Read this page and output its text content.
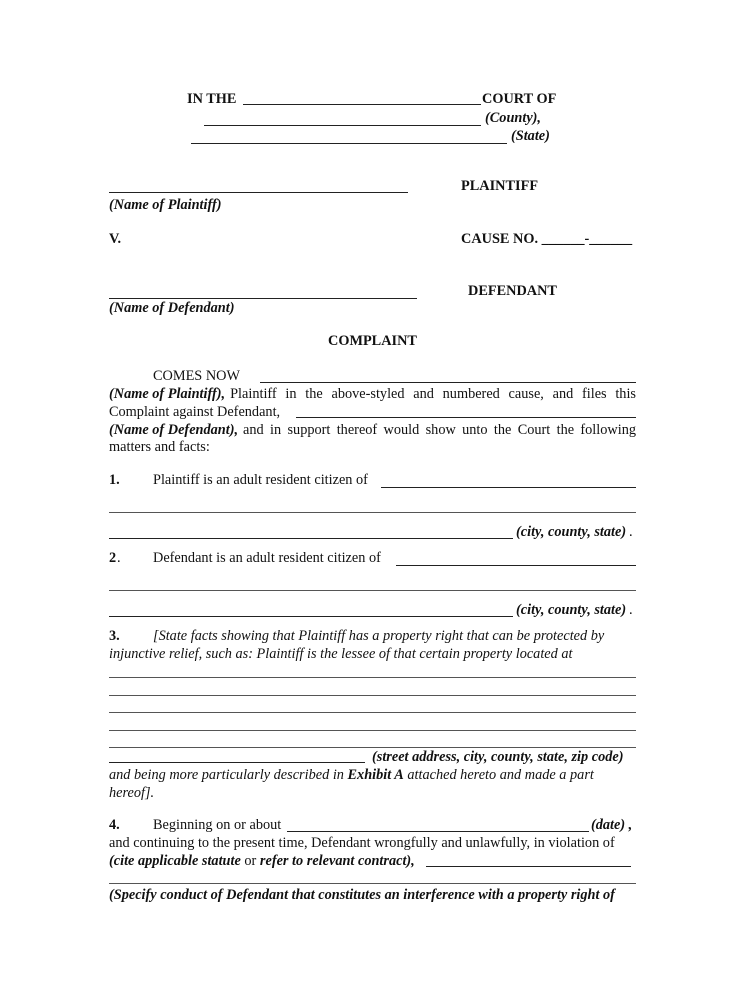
IN THE	COURT OF
(County),
(State)
PLAINTIFF
(Name of Plaintiff)
V.	CAUSE NO. ______-______
DEFENDANT
(Name of Defendant)
COMPLAINT
COMES NOW
(Name of Plaintiff), Plaintiff in the above-styled and numbered cause, and files this
Complaint against Defendant,
(Name of Defendant), and in support thereof would show unto the Court the following
matters and facts:
1. Plaintiff is an adult resident citizen of
(city, county, state) .
2 . Defendant is an adult resident citizen of
(city, county, state) .
3. [State facts showing that Plaintiff has a property right that can be protected by
injunctive relief, such as: Plaintiff is the lessee of that certain property located at
(street address, city, county, state, zip code)
and being more particularly described in Exhibit A attached hereto and made a part
hereof].
4. Beginning on or about	(date) ,
and continuing to the present time, Defendant wrongfully and unlawfully, in violation of
(cite applicable statute or refer to relevant contract),
(Specify conduct of Defendant that constitutes an interference with a property right of
